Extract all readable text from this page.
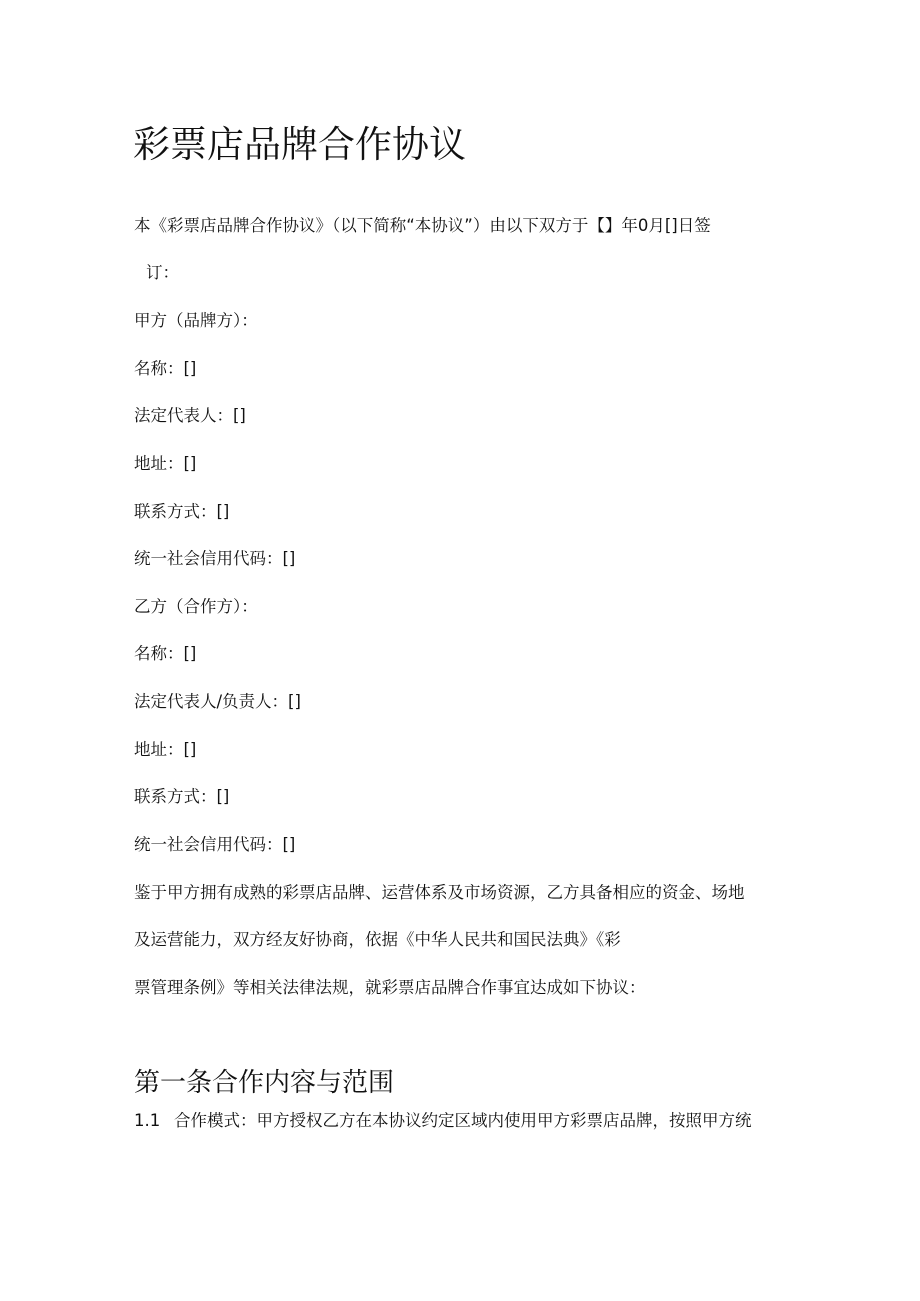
彩票店品牌合作协议
本《彩票店品牌合作协议》（以下简称“本协议”）由以下双方于【】年0月[]日签
订：
甲方（品牌方）：
名称：[]
法定代表人：[]
地址：[]
联系方式：[]
统一社会信用代码：[]
乙方（合作方）：
名称：[]
法定代表人/负责人：[]
地址：[]
联系方式：[]
统一社会信用代码：[]
鉴于甲方拥有成熟的彩票店品牌、运营体系及市场资源，乙方具备相应的资金、场地
及运营能力，双方经友好协商，依据《中华人民共和国民法典》《彩
票管理条例》等相关法律法规，就彩票店品牌合作事宜达成如下协议：
第一条合作内容与范围
1.1 合作模式：甲方授权乙方在本协议约定区域内使用甲方彩票店品牌，按照甲方统
